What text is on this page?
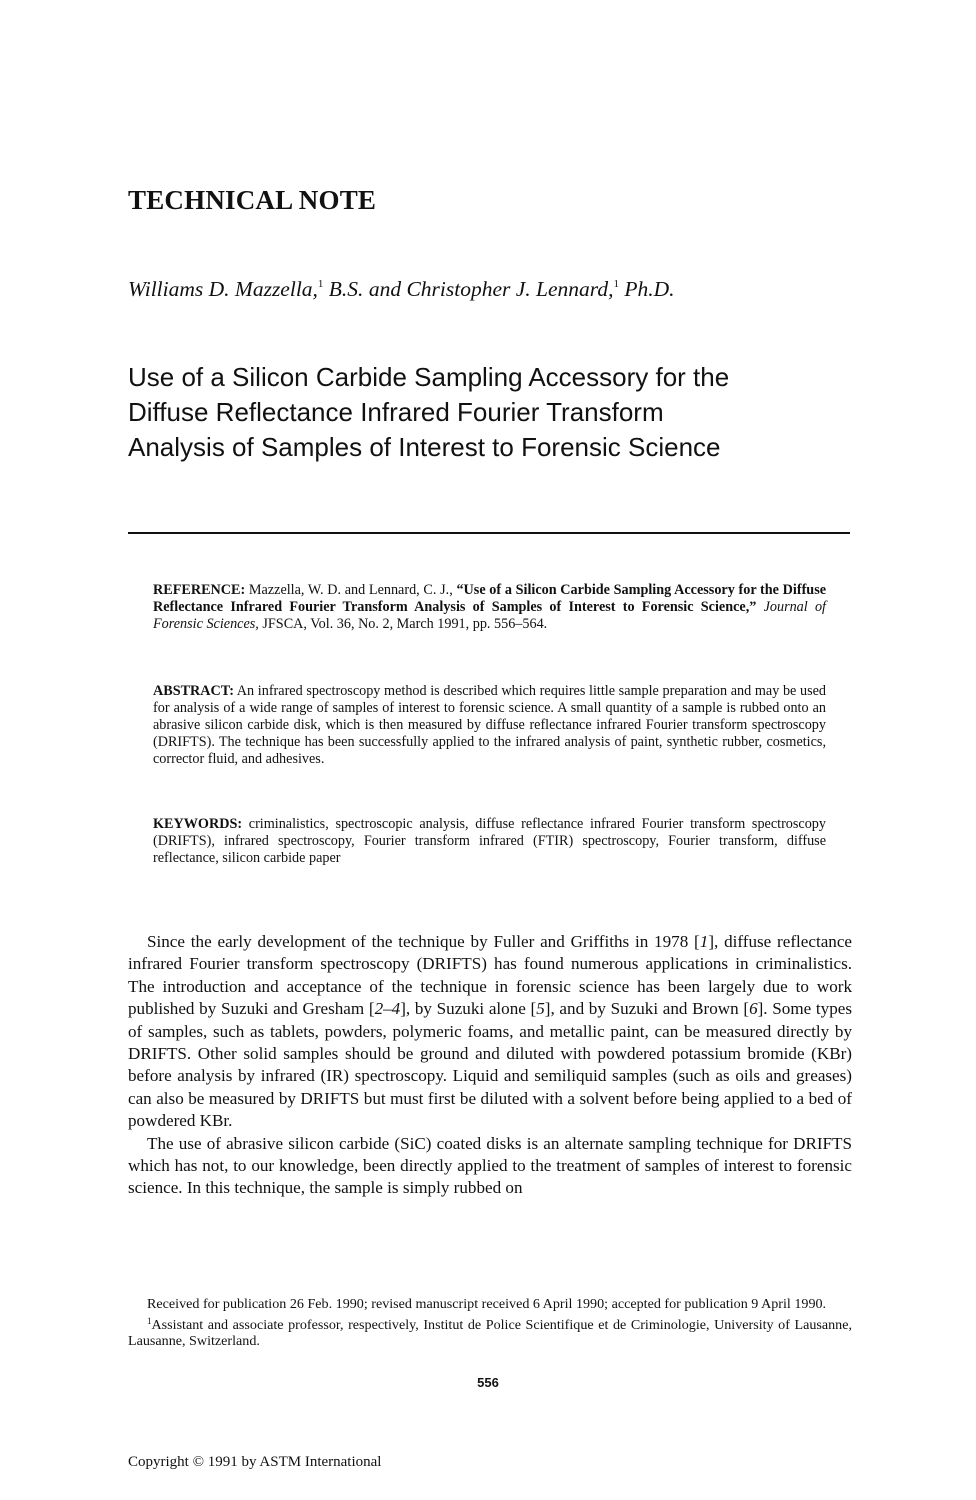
TECHNICAL NOTE
Williams D. Mazzella,$^1$ B.S. and Christopher J. Lennard,$^1$ Ph.D.
Use of a Silicon Carbide Sampling Accessory for the
Diffuse Reflectance Infrared Fourier Transform
Analysis of Samples of Interest to Forensic Science
REFERENCE: Mazzella, W. D. and Lennard, C. J., “Use of a Silicon Carbide Sampling Accessory for the Diffuse Reflectance Infrared Fourier Transform Analysis of Samples of Interest to Forensic Science,” Journal of Forensic Sciences, JFSCA, Vol. 36, No. 2, March 1991, pp. 556–564.
ABSTRACT: An infrared spectroscopy method is described which requires little sample preparation and may be used for analysis of a wide range of samples of interest to forensic science. A small quantity of a sample is rubbed onto an abrasive silicon carbide disk, which is then measured by diffuse reflectance infrared Fourier transform spectroscopy (DRIFTS). The technique has been successfully applied to the infrared analysis of paint, synthetic rubber, cosmetics, corrector fluid, and adhesives.
KEYWORDS: criminalistics, spectroscopic analysis, diffuse reflectance infrared Fourier transform spectroscopy (DRIFTS), infrared spectroscopy, Fourier transform infrared (FTIR) spectroscopy, Fourier transform, diffuse reflectance, silicon carbide paper

Since the early development of the technique by Fuller and Griffiths in 1978 [1], diffuse reflectance infrared Fourier transform spectroscopy (DRIFTS) has found numerous applications in criminalistics. The introduction and acceptance of the technique in forensic science has been largely due to work published by Suzuki and Gresham [2–4], by Suzuki alone [5], and by Suzuki and Brown [6]. Some types of samples, such as tablets, powders, polymeric foams, and metallic paint, can be measured directly by DRIFTS. Other solid samples should be ground and diluted with powdered potassium bromide (KBr) before analysis by infrared (IR) spectroscopy. Liquid and semiliquid samples (such as oils and greases) can also be measured by DRIFTS but must first be diluted with a solvent before being applied to a bed of powdered KBr.

The use of abrasive silicon carbide (SiC) coated disks is an alternate sampling technique for DRIFTS which has not, to our knowledge, been directly applied to the treatment of samples of interest to forensic science. In this technique, the sample is simply rubbed on

Received for publication 26 Feb. 1990; revised manuscript received 6 April 1990; accepted for publication 9 April 1990.

$^1$Assistant and associate professor, respectively, Institut de Police Scientifique et de Criminologie, University of Lausanne, Lausanne, Switzerland.

556
Copyright © 1991 by ASTM International
